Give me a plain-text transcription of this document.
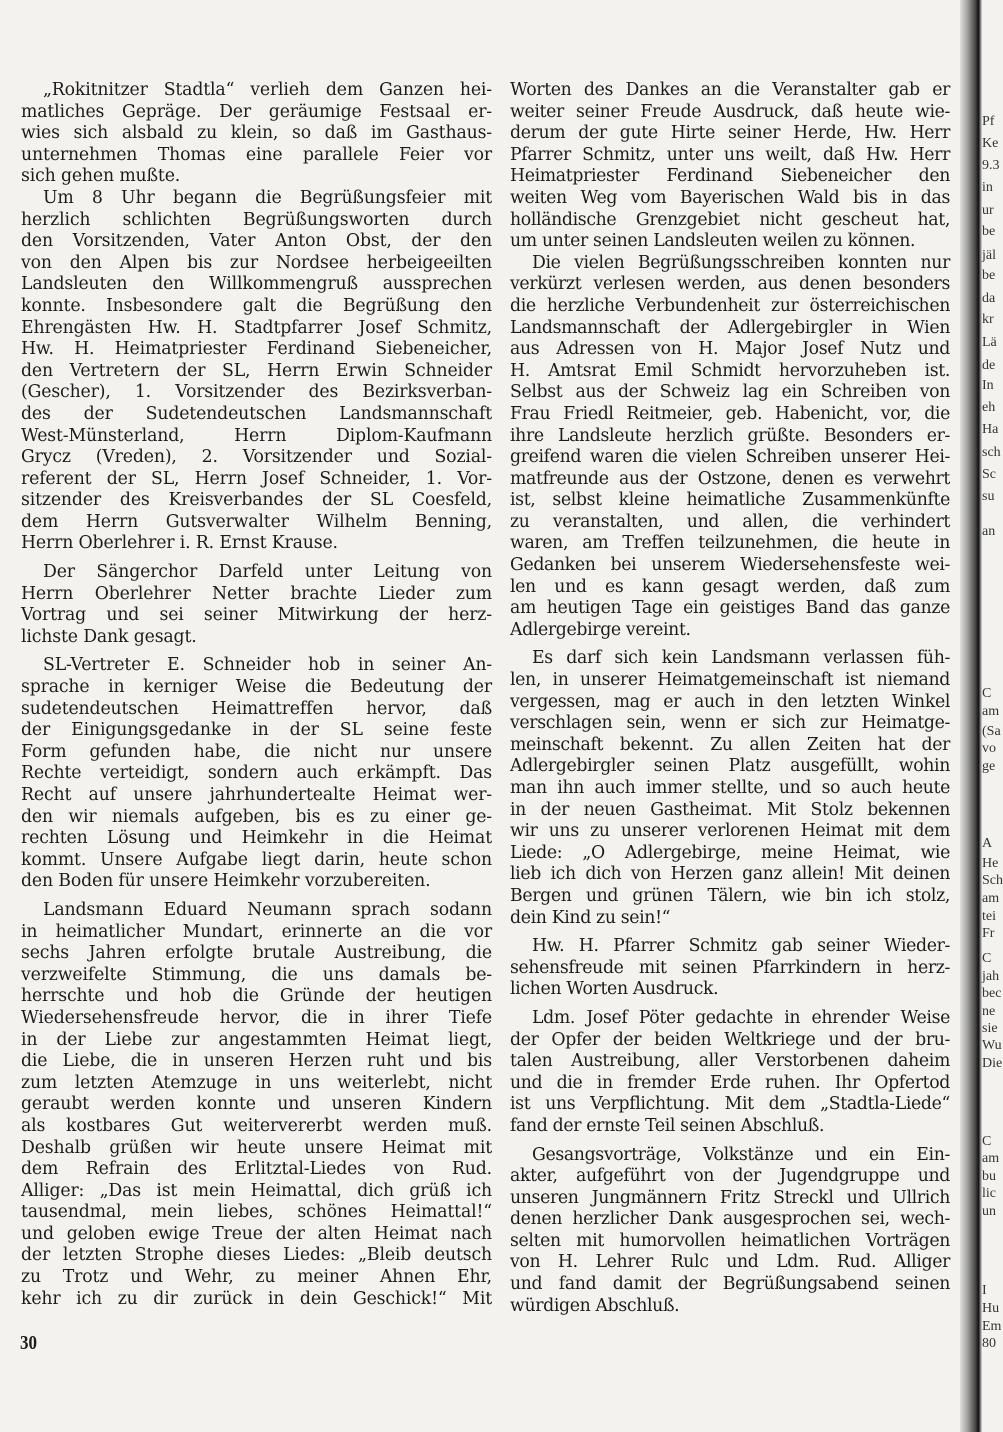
„Rokitnitzer Stadtla“ verlieh dem Ganzen hei-
matliches Gepräge. Der geräumige Festsaal er-
wies sich alsbald zu klein, so daß im Gasthaus-
unternehmen Thomas eine parallele Feier vor
sich gehen mußte.
Um 8 Uhr begann die Begrüßungsfeier mit
herzlich schlichten Begrüßungsworten durch
den Vorsitzenden, Vater Anton Obst, der den
von den Alpen bis zur Nordsee herbeigeeilten
Landsleuten den Willkommengruß aussprechen
konnte. Insbesondere galt die Begrüßung den
Ehrengästen Hw. H. Stadtpfarrer Josef Schmitz,
Hw. H. Heimatpriester Ferdinand Siebeneicher,
den Vertretern der SL, Herrn Erwin Schneider
(Gescher), 1. Vorsitzender des Bezirksverban-
des der Sudetendeutschen Landsmannschaft
West-Münsterland, Herrn Diplom-Kaufmann
Grycz (Vreden), 2. Vorsitzender und Sozial-
referent der SL, Herrn Josef Schneider, 1. Vor-
sitzender des Kreisverbandes der SL Coesfeld,
dem Herrn Gutsverwalter Wilhelm Benning,
Herrn Oberlehrer i. R. Ernst Krause.
Der Sängerchor Darfeld unter Leitung von
Herrn Oberlehrer Netter brachte Lieder zum
Vortrag und sei seiner Mitwirkung der herz-
lichste Dank gesagt.
SL-Vertreter E. Schneider hob in seiner An-
sprache in kerniger Weise die Bedeutung der
sudetendeutschen Heimattreffen hervor, daß
der Einigungsgedanke in der SL seine feste
Form gefunden habe, die nicht nur unsere
Rechte verteidigt, sondern auch erkämpft. Das
Recht auf unsere jahrhundertealte Heimat wer-
den wir niemals aufgeben, bis es zu einer ge-
rechten Lösung und Heimkehr in die Heimat
kommt. Unsere Aufgabe liegt darin, heute schon
den Boden für unsere Heimkehr vorzubereiten.
Landsmann Eduard Neumann sprach sodann
in heimatlicher Mundart, erinnerte an die vor
sechs Jahren erfolgte brutale Austreibung, die
verzweifelte Stimmung, die uns damals be-
herrschte und hob die Gründe der heutigen
Wiedersehensfreude hervor, die in ihrer Tiefe
in der Liebe zur angestammten Heimat liegt,
die Liebe, die in unseren Herzen ruht und bis
zum letzten Atemzuge in uns weiterlebt, nicht
geraubt werden konnte und unseren Kindern
als kostbares Gut weitervererbt werden muß.
Deshalb grüßen wir heute unsere Heimat mit
dem Refrain des Erlitztal-Liedes von Rud.
Alliger: „Das ist mein Heimattal, dich grüß ich
tausendmal, mein liebes, schönes Heimattal!“
und geloben ewige Treue der alten Heimat nach
der letzten Strophe dieses Liedes: „Bleib deutsch
zu Trotz und Wehr, zu meiner Ahnen Ehr,
kehr ich zu dir zurück in dein Geschick!“ Mit
Worten des Dankes an die Veranstalter gab er
weiter seiner Freude Ausdruck, daß heute wie-
derum der gute Hirte seiner Herde, Hw. Herr
Pfarrer Schmitz, unter uns weilt, daß Hw. Herr
Heimatpriester Ferdinand Siebeneicher den
weiten Weg vom Bayerischen Wald bis in das
holländische Grenzgebiet nicht gescheut hat,
um unter seinen Landsleuten weilen zu können.
Die vielen Begrüßungsschreiben konnten nur
verkürzt verlesen werden, aus denen besonders
die herzliche Verbundenheit zur österreichischen
Landsmannschaft der Adlergebirgler in Wien
aus Adressen von H. Major Josef Nutz und
H. Amtsrat Emil Schmidt hervorzuheben ist.
Selbst aus der Schweiz lag ein Schreiben von
Frau Friedl Reitmeier, geb. Habenicht, vor, die
ihre Landsleute herzlich grüßte. Besonders er-
greifend waren die vielen Schreiben unserer Hei-
matfreunde aus der Ostzone, denen es verwehrt
ist, selbst kleine heimatliche Zusammenkünfte
zu veranstalten, und allen, die verhindert
waren, am Treffen teilzunehmen, die heute in
Gedanken bei unserem Wiedersehensfeste wei-
len und es kann gesagt werden, daß zum
am heutigen Tage ein geistiges Band das ganze
Adlergebirge vereint.
Es darf sich kein Landsmann verlassen füh-
len, in unserer Heimatgemeinschaft ist niemand
vergessen, mag er auch in den letzten Winkel
verschlagen sein, wenn er sich zur Heimatge-
meinschaft bekennt. Zu allen Zeiten hat der
Adlergebirgler seinen Platz ausgefüllt, wohin
man ihn auch immer stellte, und so auch heute
in der neuen Gastheimat. Mit Stolz bekennen
wir uns zu unserer verlorenen Heimat mit dem
Liede: „O Adlergebirge, meine Heimat, wie
lieb ich dich von Herzen ganz allein! Mit deinen
Bergen und grünen Tälern, wie bin ich stolz,
dein Kind zu sein!“
Hw. H. Pfarrer Schmitz gab seiner Wieder-
sehensfreude mit seinen Pfarrkindern in herz-
lichen Worten Ausdruck.
Ldm. Josef Pöter gedachte in ehrender Weise
der Opfer der beiden Weltkriege und der bru-
talen Austreibung, aller Verstorbenen daheim
und die in fremder Erde ruhen. Ihr Opfertod
ist uns Verpflichtung. Mit dem „Stadtla-Liede“
fand der ernste Teil seinen Abschluß.
Gesangsvorträge, Volkstänze und ein Ein-
akter, aufgeführt von der Jugendgruppe und
unseren Jungmännern Fritz Streckl und Ullrich
denen herzlicher Dank ausgesprochen sei, wech-
selten mit humorvollen heimatlichen Vorträgen
von H. Lehrer Rulc und Ldm. Rud. Alliger
und fand damit der Begrüßungsabend seinen
würdigen Abschluß.
Pf
Ke
9.3
in
ur
be
jäl
be
da
kr
Lä
de
In
eh
Ha
sch
Sc
su
an
C
am
(Sa
vo
ge
A
He
Sch
am
tei
Fr
C
jah
bec
ne
sie
Wu
Die
C
am
bu
lic
un
I
Hu
Em
80
30
